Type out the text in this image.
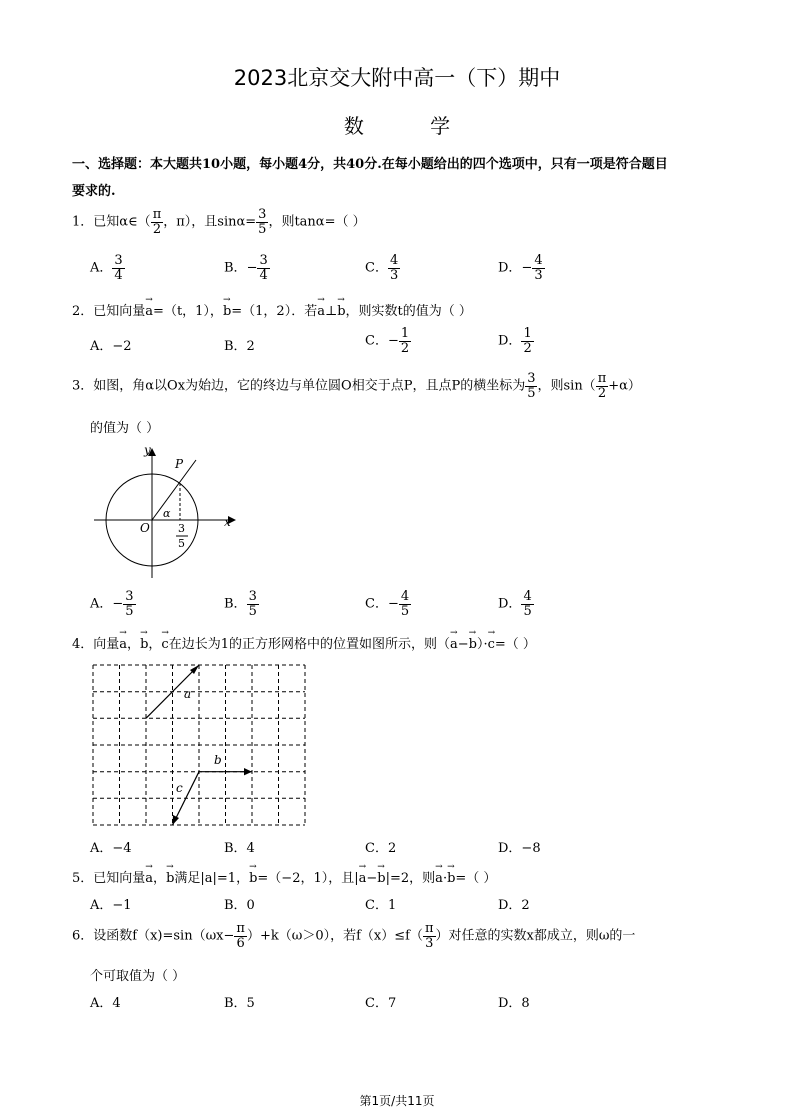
2023北京交大附中高一（下）期中
数 学
一、选择题：本大题共10小题，每小题4分，共40分.在每小题给出的四个选项中，只有一项是符合题目
要求的.
1．已知α∈（ $\frac{\pi}{2}$ ，π），且$\sin\alpha= \frac{3}{5}$ ，则tanα=（ ）
A． $\frac{3}{4}$	B．− $\frac{3}{4}$	C． $\frac{4}{3}$	D．− $\frac{4}{3}$
2．已知向量→ a=（t，1），→ b=（1，2）．若→ a⊥→ b，则实数t的值为（ ）
A．−2	B．2	C．− $\frac{1}{2}$	D． $\frac{1}{2}$
3．如图，角α以Ox为始边，它的终边与单位圆O相交于点P，且点P的横坐标为 $\frac{3}{5}$ ，则$\sin( \frac{\pi}{2} +\alpha)$
的值为（ ）
y
x
O
P
α
3
5
A．− $\frac{3}{5}$	B． $\frac{3}{5}$	C．− $\frac{4}{5}$	D． $\frac{4}{5}$
4．向量→ a，→ b，→ c在边长为1的正方形网格中的位置如图所示，则（→ a−→ b）·→ c=（ ）
a
b
c
A．−4	B．4	C．2	D．−8
5．已知向量→ a，→ b满足|a|=1，→ b=（−2，1），且|→ a−→ b|=2，则→ a·→ b=（ ）
A．−1	B．0	C．1	D．2
6．设函数$f(x)=\sin(\omega x- \frac{\pi}{6} )+k(\omega>0)$，若$f(x)\le f( \frac{\pi}{3}$ ）对任意的实数x都成立，则ω的一
个可取值为（ ）
A．4	B．5	C．7	D．8
第1页/共11页
